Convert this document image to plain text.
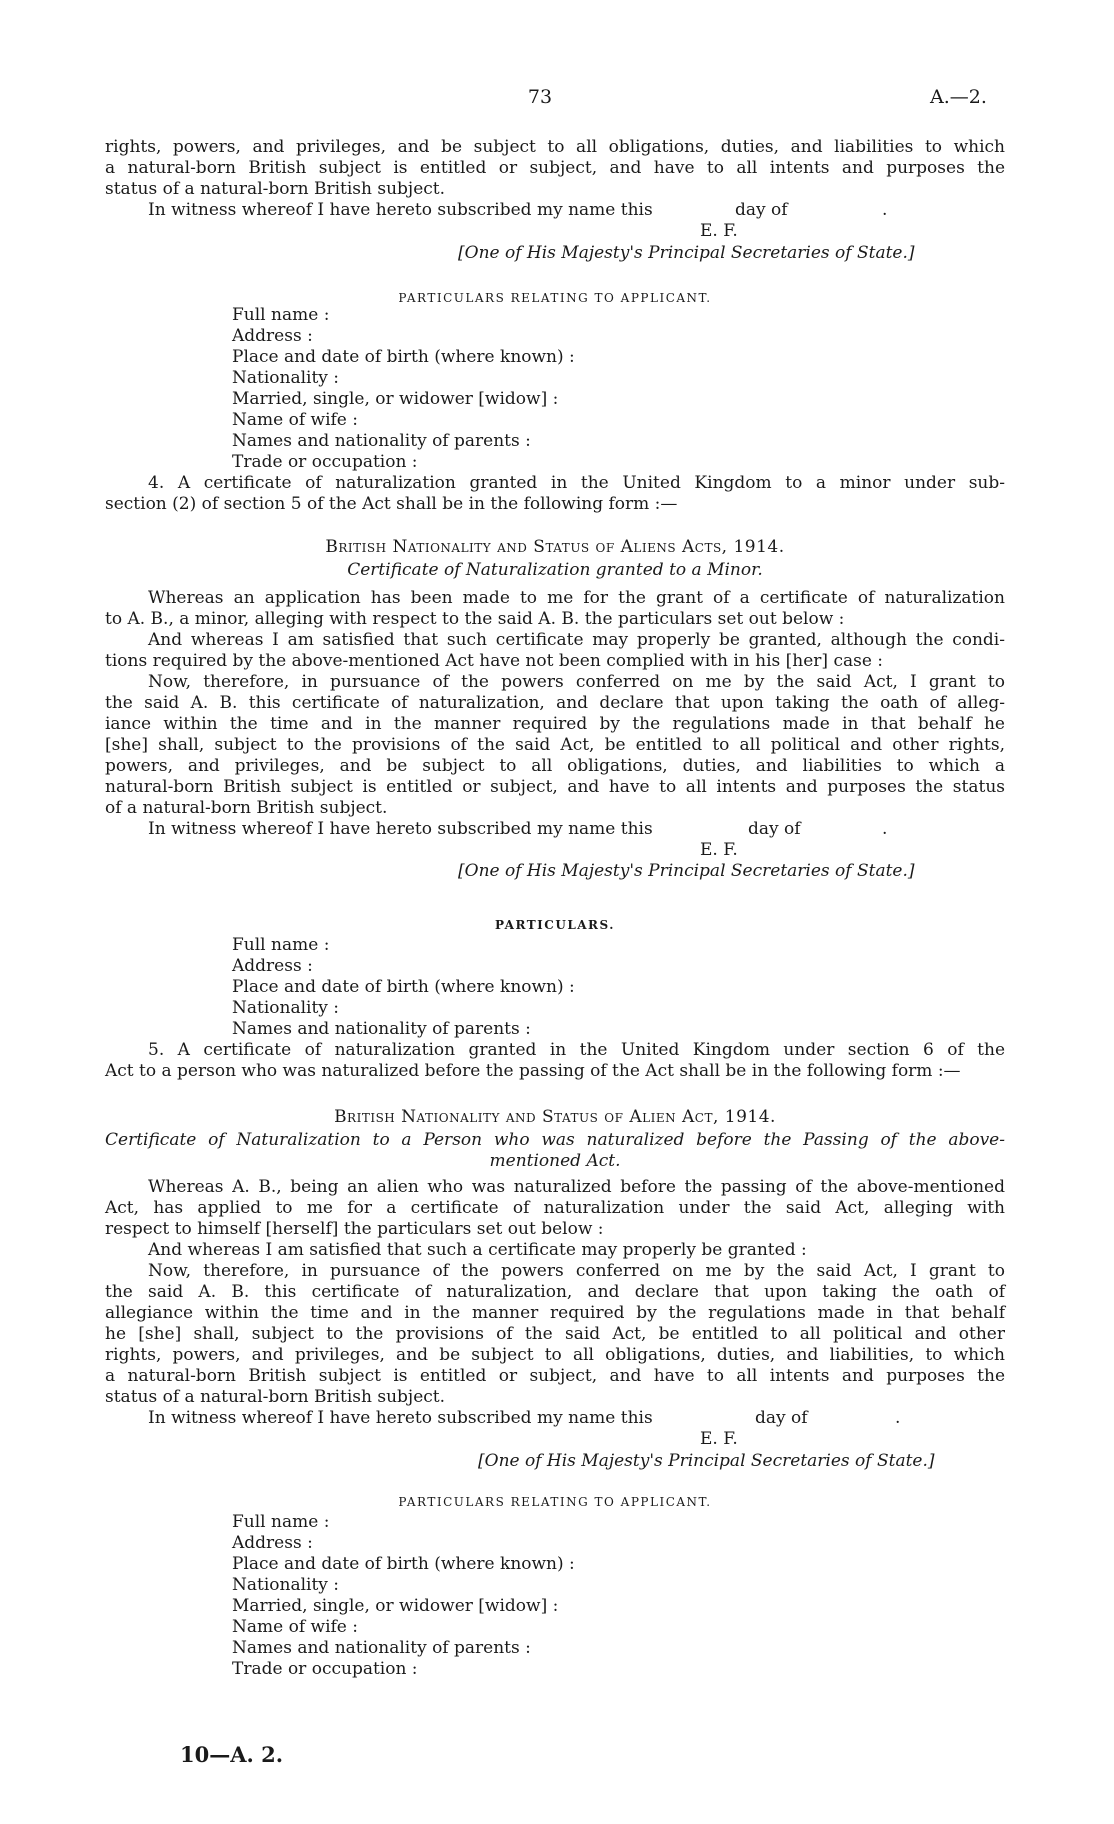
73	A.—2.
rights, powers, and privileges, and be subject to all obligations, duties, and liabilities to which
a natural-born British subject is entitled or subject, and have to all intents and purposes the
status of a natural-born British subject.
In witness whereof I have hereto subscribed my name this	day of	.
E. F.
[One of His Majesty's Principal Secretaries of State.]
PARTICULARS RELATING TO APPLICANT.
Full name :
Address :
Place and date of birth (where known) :
Nationality :
Married, single, or widower [widow] :
Name of wife :
Names and nationality of parents :
Trade or occupation :
4. A certificate of naturalization granted in the United Kingdom to a minor under sub-
section (2) of section 5 of the Act shall be in the following form :—
British Nationality and Status of Aliens Acts, 1914.
Certificate of Naturalization granted to a Minor.
Whereas an application has been made to me for the grant of a certificate of naturalization
to A. B., a minor, alleging with respect to the said A. B. the particulars set out below :
And whereas I am satisfied that such certificate may properly be granted, although the condi-
tions required by the above-mentioned Act have not been complied with in his [her] case :
Now, therefore, in pursuance of the powers conferred on me by the said Act, I grant to
the said A. B. this certificate of naturalization, and declare that upon taking the oath of alleg-
iance within the time and in the manner required by the regulations made in that behalf he
[she] shall, subject to the provisions of the said Act, be entitled to all political and other rights,
powers, and privileges, and be subject to all obligations, duties, and liabilities to which a
natural-born British subject is entitled or subject, and have to all intents and purposes the status
of a natural-born British subject.
In witness whereof I have hereto subscribed my name this	day of	.
E. F.
[One of His Majesty's Principal Secretaries of State.]
PARTICULARS.
Full name :
Address :
Place and date of birth (where known) :
Nationality :
Names and nationality of parents :
5. A certificate of naturalization granted in the United Kingdom under section 6 of the
Act to a person who was naturalized before the passing of the Act shall be in the following form :—
British Nationality and Status of Alien Act, 1914.
Certificate of Naturalization to a Person who was naturalized before the Passing of the above-
mentioned Act.
Whereas A. B., being an alien who was naturalized before the passing of the above-mentioned
Act, has applied to me for a certificate of naturalization under the said Act, alleging with
respect to himself [herself] the particulars set out below :
And whereas I am satisfied that such a certificate may properly be granted :
Now, therefore, in pursuance of the powers conferred on me by the said Act, I grant to
the said A. B. this certificate of naturalization, and declare that upon taking the oath of
allegiance within the time and in the manner required by the regulations made in that behalf
he [she] shall, subject to the provisions of the said Act, be entitled to all political and other
rights, powers, and privileges, and be subject to all obligations, duties, and liabilities, to which
a natural-born British subject is entitled or subject, and have to all intents and purposes the
status of a natural-born British subject.
In witness whereof I have hereto subscribed my name this	day of	.
E. F.
[One of His Majesty's Principal Secretaries of State.]
PARTICULARS RELATING TO APPLICANT.
Full name :
Address :
Place and date of birth (where known) :
Nationality :
Married, single, or widower [widow] :
Name of wife :
Names and nationality of parents :
Trade or occupation :
10—A. 2.
